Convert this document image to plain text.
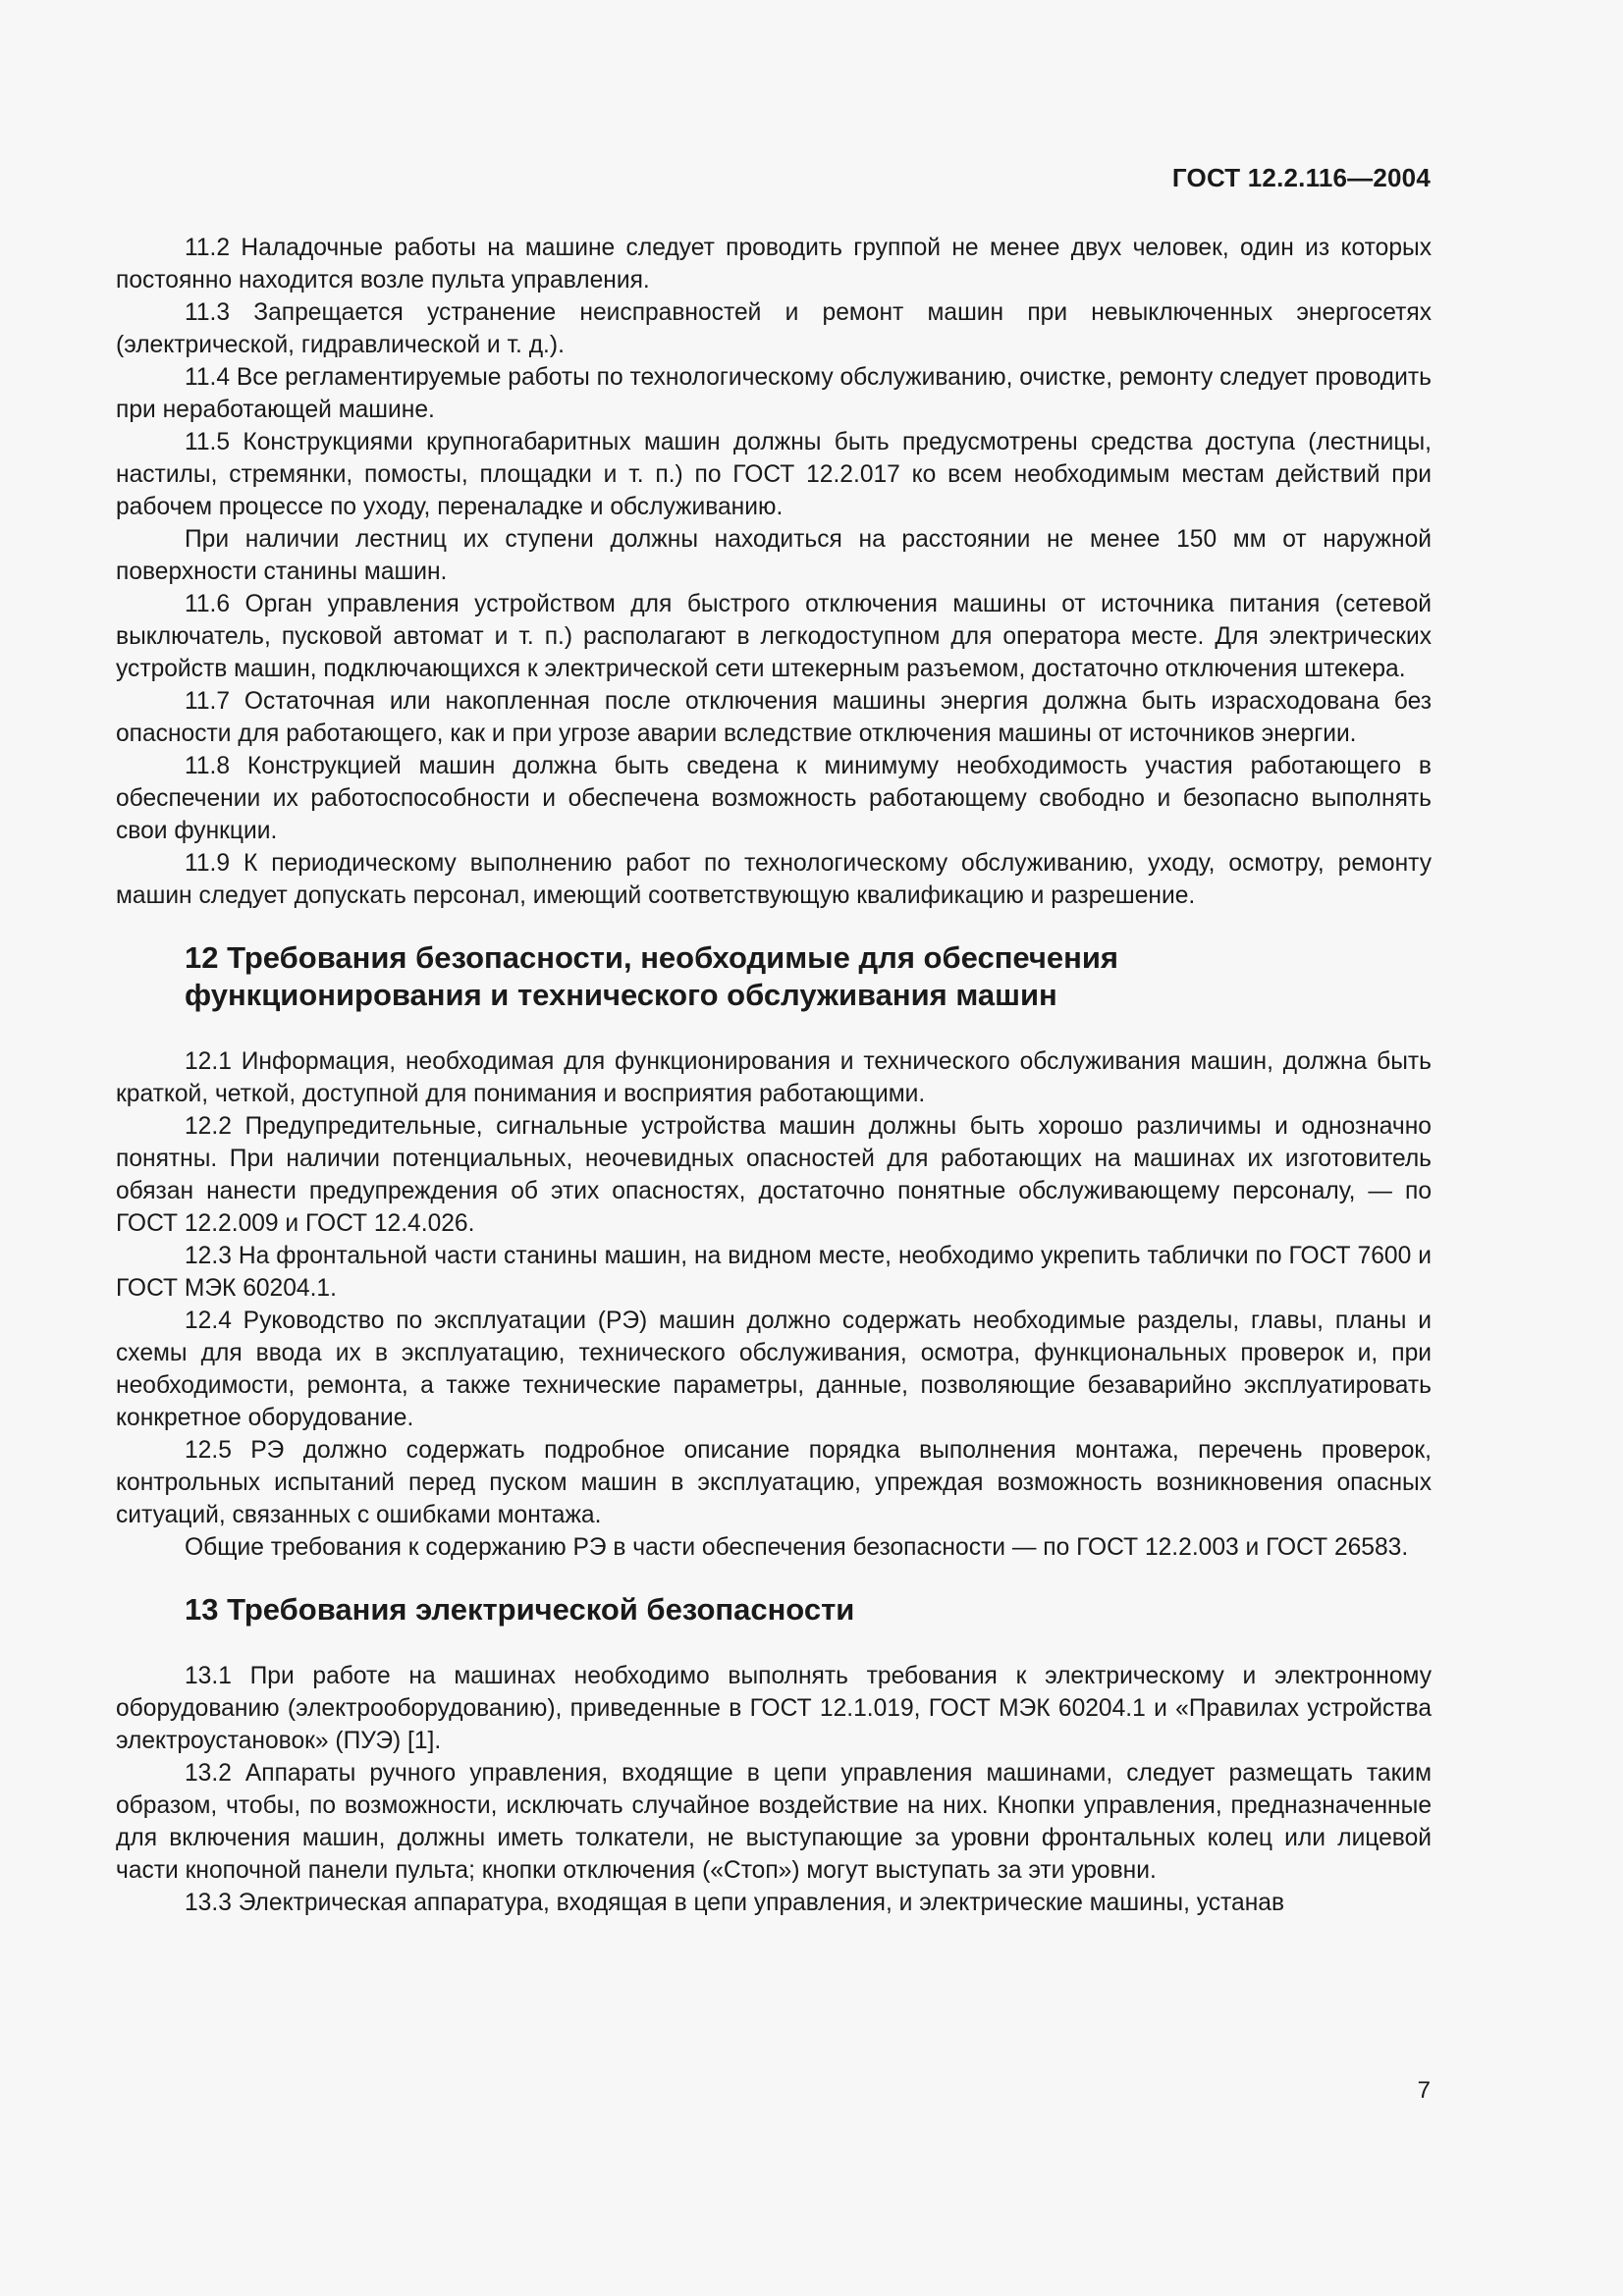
ГОСТ 12.2.116—2004

11.2 Наладочные работы на машине следует проводить группой не менее двух человек, один из которых постоянно находится возле пульта управления.

11.3 Запрещается устранение неисправностей и ремонт машин при невыключенных энергосетях (электрической, гидравлической и т. д.).

11.4 Все регламентируемые работы по технологическому обслуживанию, очистке, ремонту следует проводить при неработающей машине.

11.5 Конструкциями крупногабаритных машин должны быть предусмотрены средства доступа (лестницы, настилы, стремянки, помосты, площадки и т. п.) по ГОСТ 12.2.017 ко всем необходимым местам действий при рабочем процессе по уходу, переналадке и обслуживанию.

При наличии лестниц их ступени должны находиться на расстоянии не менее 150 мм от наружной поверхности станины машин.

11.6 Орган управления устройством для быстрого отключения машины от источника питания (сетевой выключатель, пусковой автомат и т. п.) располагают в легкодоступном для оператора месте. Для электрических устройств машин, подключающихся к электрической сети штекерным разъемом, достаточно отключения штекера.

11.7 Остаточная или накопленная после отключения машины энергия должна быть израсходована без опасности для работающего, как и при угрозе аварии вследствие отключения машины от источников энергии.

11.8 Конструкцией машин должна быть сведена к минимуму необходимость участия работающего в обеспечении их работоспособности и обеспечена возможность работающему свободно и безопасно выполнять свои функции.

11.9 К периодическому выполнению работ по технологическому обслуживанию, уходу, осмотру, ремонту машин следует допускать персонал, имеющий соответствующую квалификацию и разрешение.

12 Требования безопасности, необходимые для обеспечения
функционирования и технического обслуживания машин

12.1 Информация, необходимая для функционирования и технического обслуживания машин, должна быть краткой, четкой, доступной для понимания и восприятия работающими.

12.2 Предупредительные, сигнальные устройства машин должны быть хорошо различимы и однозначно понятны. При наличии потенциальных, неочевидных опасностей для работающих на машинах их изготовитель обязан нанести предупреждения об этих опасностях, достаточно понятные обслуживающему персоналу, — по ГОСТ 12.2.009 и ГОСТ 12.4.026.

12.3 На фронтальной части станины машин, на видном месте, необходимо укрепить таблички по ГОСТ 7600 и ГОСТ МЭК 60204.1.

12.4 Руководство по эксплуатации (РЭ) машин должно содержать необходимые разделы, главы, планы и схемы для ввода их в эксплуатацию, технического обслуживания, осмотра, функциональных проверок и, при необходимости, ремонта, а также технические параметры, данные, позволяющие безаварийно эксплуатировать конкретное оборудование.

12.5 РЭ должно содержать подробное описание порядка выполнения монтажа, перечень проверок, контрольных испытаний перед пуском машин в эксплуатацию, упреждая возможность возникновения опасных ситуаций, связанных с ошибками монтажа.

Общие требования к содержанию РЭ в части обеспечения безопасности — по ГОСТ 12.2.003 и ГОСТ 26583.

13 Требования электрической безопасности

13.1 При работе на машинах необходимо выполнять требования к электрическому и электронному оборудованию (электрооборудованию), приведенные в ГОСТ 12.1.019, ГОСТ МЭК 60204.1 и «Правилах устройства электроустановок» (ПУЭ) [1].

13.2 Аппараты ручного управления, входящие в цепи управления машинами, следует размещать таким образом, чтобы, по возможности, исключать случайное воздействие на них. Кнопки управления, предназначенные для включения машин, должны иметь толкатели, не выступающие за уровни фронтальных колец или лицевой части кнопочной панели пульта; кнопки отключения («Стоп») могут выступать за эти уровни.

13.3 Электрическая аппаратура, входящая в цепи управления, и электрические машины, устанав

7
